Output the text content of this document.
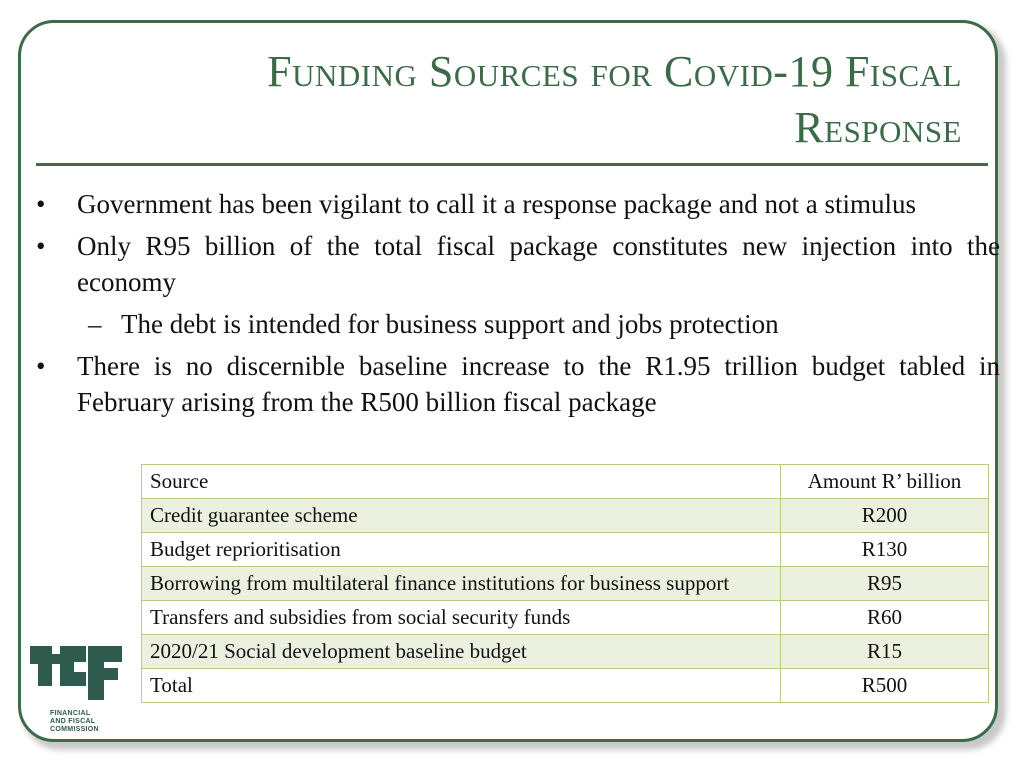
Funding Sources for Covid-19 Fiscal
Response
• Government has been vigilant to call it a response package and not a stimulus
• Only R95 billion of the total fiscal package constitutes new injection into the economy
– The debt is intended for business support and jobs protection
• There is no discernible baseline increase to the R1.95 trillion budget tabled in February arising from the R500 billion fiscal package
Source	Amount R’ billion
Credit guarantee scheme	R200
Budget reprioritisation	R130
Borrowing from multilateral finance institutions for business support	R95
Transfers and subsidies from social security funds	R60
2020/21 Social development baseline budget	R15
Total	R500
FINANCIAL
AND FISCAL
COMMISSION
